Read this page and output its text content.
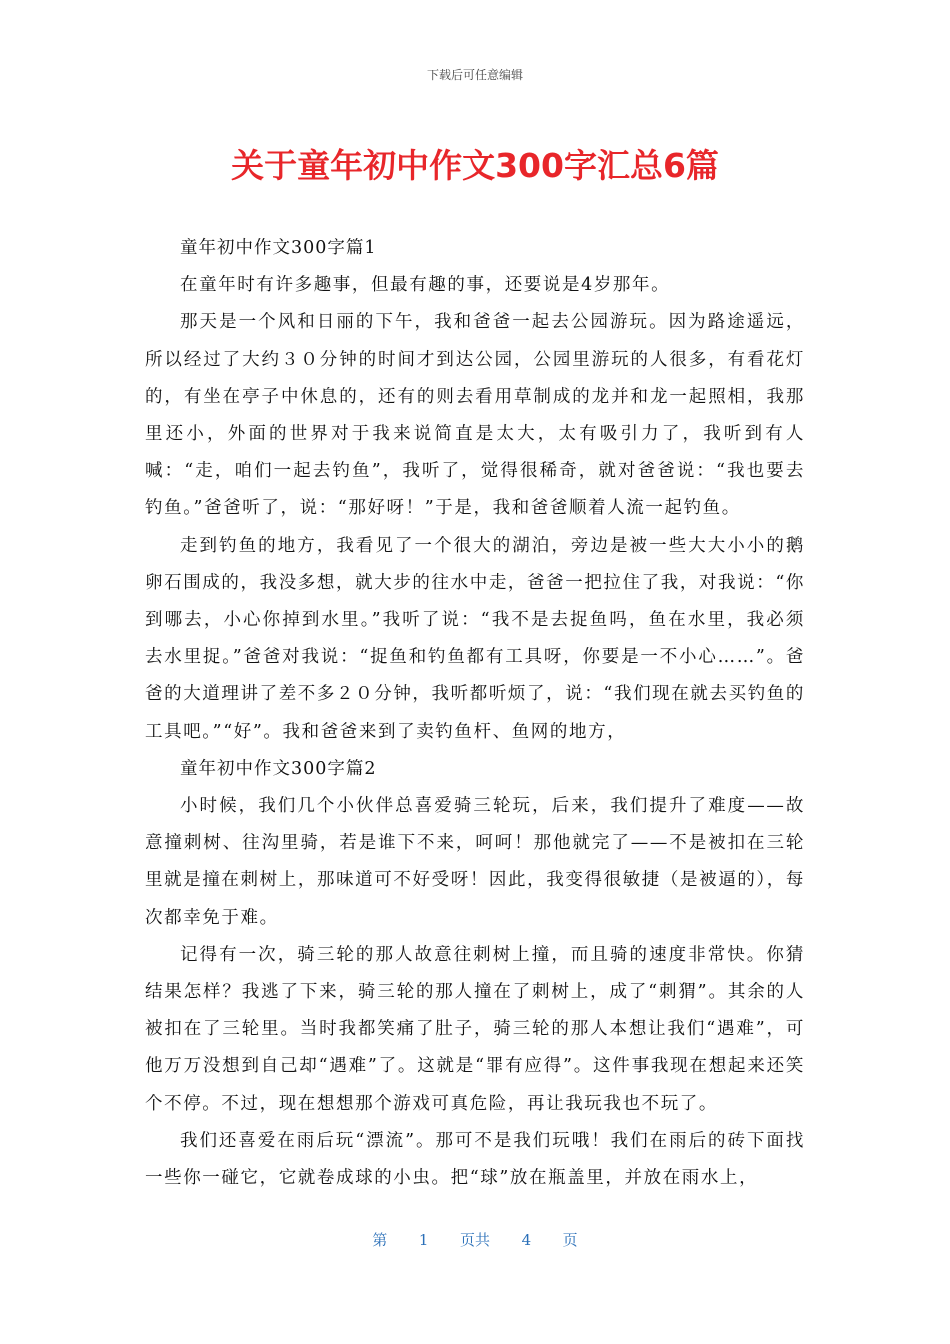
下载后可任意编辑
关于童年初中作文300字汇总6篇

童年初中作文300字篇1

在童年时有许多趣事，但最有趣的事，还要说是4岁那年。

那天是一个风和日丽的下午，我和爸爸一起去公园游玩。因为路途遥远，所以经过了大约３０分钟的时间才到达公园，公园里游玩的人很多，有看花灯的，有坐在亭子中休息的，还有的则去看用草制成的龙并和龙一起照相，我那里还小，外面的世界对于我来说简直是太大，太有吸引力了，我听到有人喊：“走，咱们一起去钓鱼”，我听了，觉得很稀奇，就对爸爸说：“我也要去钓鱼。”爸爸听了，说：“那好呀！”于是，我和爸爸顺着人流一起钓鱼。

走到钓鱼的地方，我看见了一个很大的湖泊，旁边是被一些大大小小的鹅卵石围成的，我没多想，就大步的往水中走，爸爸一把拉住了我，对我说：“你到哪去，小心你掉到水里。”我听了说：“我不是去捉鱼吗，鱼在水里，我必须去水里捉。”爸爸对我说：“捉鱼和钓鱼都有工具呀，你要是一不小心……”。爸爸的大道理讲了差不多２０分钟，我听都听烦了，说：“我们现在就去买钓鱼的工具吧。”“好”。我和爸爸来到了卖钓鱼杆、鱼网的地方，

童年初中作文300字篇2

小时候，我们几个小伙伴总喜爱骑三轮玩，后来，我们提升了难度——故意撞刺树、往沟里骑，若是谁下不来，呵呵！那他就完了——不是被扣在三轮里就是撞在刺树上，那味道可不好受呀！因此，我变得很敏捷（是被逼的），每次都幸免于难。

记得有一次，骑三轮的那人故意往刺树上撞，而且骑的速度非常快。你猜结果怎样？我逃了下来，骑三轮的那人撞在了刺树上，成了“刺猬”。其余的人被扣在了三轮里。当时我都笑痛了肚子，骑三轮的那人本想让我们“遇难”，可他万万没想到自己却“遇难”了。这就是“罪有应得”。这件事我现在想起来还笑个不停。不过，现在想想那个游戏可真危险，再让我玩我也不玩了。

我们还喜爱在雨后玩“漂流”。那可不是我们玩哦！我们在雨后的砖下面找一些你一碰它，它就卷成球的小虫。把“球”放在瓶盖里，并放在雨水上，

第 1 页共 4 页
